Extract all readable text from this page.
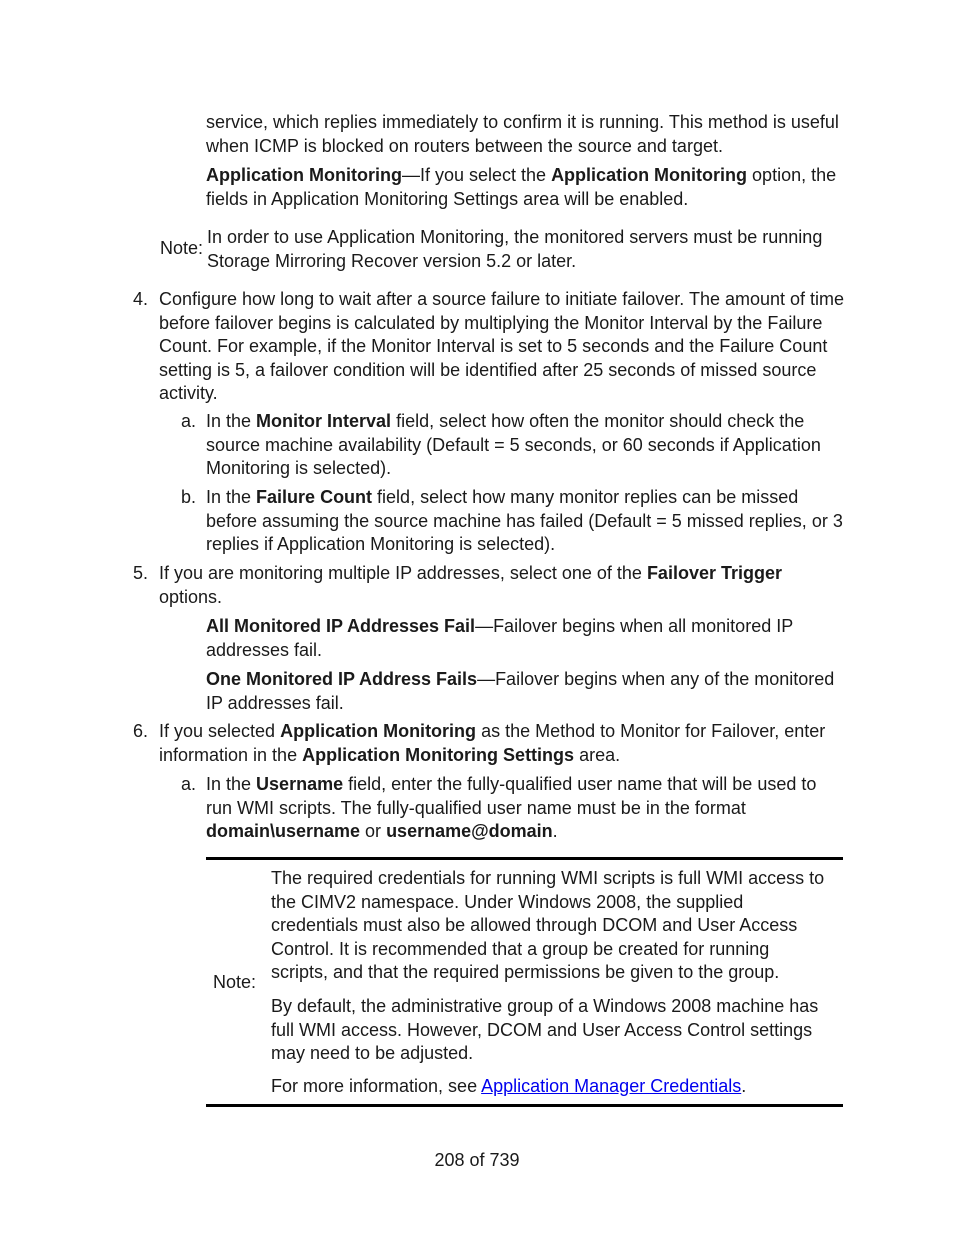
service, which replies immediately to confirm it is running. This method is useful when ICMP is blocked on routers between the source and target.

Application Monitoring—If you select the Application Monitoring option, the fields in Application Monitoring Settings area will be enabled.

Note:

In order to use Application Monitoring, the monitored servers must be running Storage Mirroring Recover version 5.2 or later.

4. Configure how long to wait after a source failure to initiate failover. The amount of time before failover begins is calculated by multiplying the Monitor Interval by the Failure Count. For example, if the Monitor Interval is set to 5 seconds and the Failure Count setting is 5, a failover condition will be identified after 25 seconds of missed source activity.

a. In the Monitor Interval field, select how often the monitor should check the source machine availability (Default = 5 seconds, or 60 seconds if Application Monitoring is selected).

b. In the Failure Count field, select how many monitor replies can be missed before assuming the source machine has failed (Default = 5 missed replies, or 3 replies if Application Monitoring is selected).

5. If you are monitoring multiple IP addresses, select one of the Failover Trigger options.

All Monitored IP Addresses Fail—Failover begins when all monitored IP addresses fail.

One Monitored IP Address Fails—Failover begins when any of the monitored IP addresses fail.

6. If you selected Application Monitoring as the Method to Monitor for Failover, enter information in the Application Monitoring Settings area.

a. In the Username field, enter the fully-qualified user name that will be used to run WMI scripts. The fully-qualified user name must be in the format domain\username or username@domain.

Note:

The required credentials for running WMI scripts is full WMI access to the CIMV2 namespace. Under Windows 2008, the supplied credentials must also be allowed through DCOM and User Access Control. It is recommended that a group be created for running scripts, and that the required permissions be given to the group.

By default, the administrative group of a Windows 2008 machine has full WMI access. However, DCOM and User Access Control settings may need to be adjusted.

For more information, see Application Manager Credentials.

208 of 739
